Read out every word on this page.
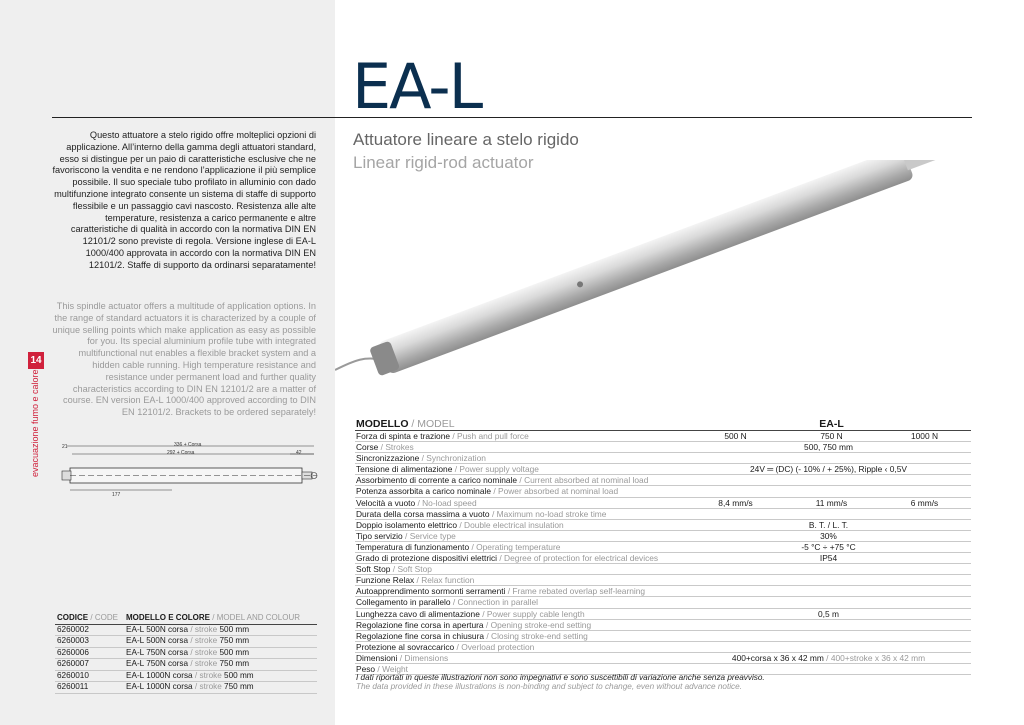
EA-L
Attuatore lineare a stelo rigido
Linear rigid-rod actuator
Questo attuatore a stelo rigido offre molteplici opzioni di applicazione. All’interno della gamma degli attuatori standard, esso si distingue per un paio di caratteristiche esclusive che ne favoriscono la vendita e ne rendono l’applicazione il più semplice possibile. Il suo speciale tubo profilato in alluminio con dado multifunzione integrato consente un sistema di staffe di supporto flessibile e un passaggio cavi nascosto. Resistenza alle alte temperature, resistenza a carico permanente e altre caratteristiche di qualità in accordo con la normativa DIN EN 12101/2 sono previste di regola. Versione inglese di EA-L 1000/400 approvata in accordo con la normativa DIN EN 12101/2. Staffe di supporto da ordinarsi separatamente!
This spindle actuator offers a multitude of application options. In the range of standard actuators it is characterized by a couple of unique selling points which make application as easy as possible for you. Its special aluminium profile tube with integrated multifunctional nut enables a flexible bracket system and a hidden cable running. High temperature resistance and resistance under permanent load and further quality characteristics according to DIN EN 12101/2 are a matter of course. EN version EA-L 1000/400 approved according to DIN EN 12101/2. Brackets to be ordered separately!
14
evacuazione fumo e calore	21	336 + Corsa
292 + Corsa	42
177
CODICE / CODE	MODELLO E COLORE / MODEL AND COLOUR
6260002	EA-L 500N corsa / stroke 500 mm
6260003	EA-L 500N corsa / stroke 750 mm
6260006	EA-L 750N corsa / stroke 500 mm
6260007	EA-L 750N corsa / stroke 750 mm
6260010	EA-L 1000N corsa / stroke 500 mm
6260011	EA-L 1000N corsa / stroke 750 mm
MODELLO / MODEL		EA-L	
Forza di spinta e trazione / Push and pull force	500 N	750 N	1000 N
Corse / Strokes	500, 750 mm		
Sincronizzazione / Synchronization			
Tensione di alimentazione / Power supply voltage	24V ═ (DC) (- 10% / + 25%), Ripple ‹ 0,5V		
Assorbimento di corrente a carico nominale / Current absorbed at nominal load			
Potenza assorbita a carico nominale / Power absorbed at nominal load			
Velocità a vuoto / No-load speed	8,4 mm/s	11 mm/s	6 mm/s
Durata della corsa massima a vuoto / Maximum no-load stroke time			
Doppio isolamento elettrico / Double electrical insulation	B. T. / L. T.		
Tipo servizio / Service type	30%		
Temperatura di funzionamento / Operating temperature	-5 °C ÷ +75 °C		
Grado di protezione dispositivi elettrici / Degree of protection for electrical devices	IP54		
Soft Stop / Soft Stop			
Funzione Relax / Relax function			
Autoapprendimento sormonti serramenti / Frame rebated overlap self-learning			
Collegamento in parallelo / Connection in parallel			
Lunghezza cavo di alimentazione / Power supply cable length	0,5 m		
Regolazione fine corsa in apertura / Opening stroke-end setting			
Regolazione fine corsa in chiusura / Closing stroke-end setting			
Protezione al sovraccarico / Overload protection			
Dimensioni / Dimensions	400+corsa x 36 x 42 mm / 400+stroke x 36 x 42 mm		
Peso / Weight			
I dati riportati in queste illustrazioni non sono impegnativi e sono suscettibili di variazione anche senza preavviso.
The data provided in these illustrations is non-binding and subject to change, even without advance notice.
